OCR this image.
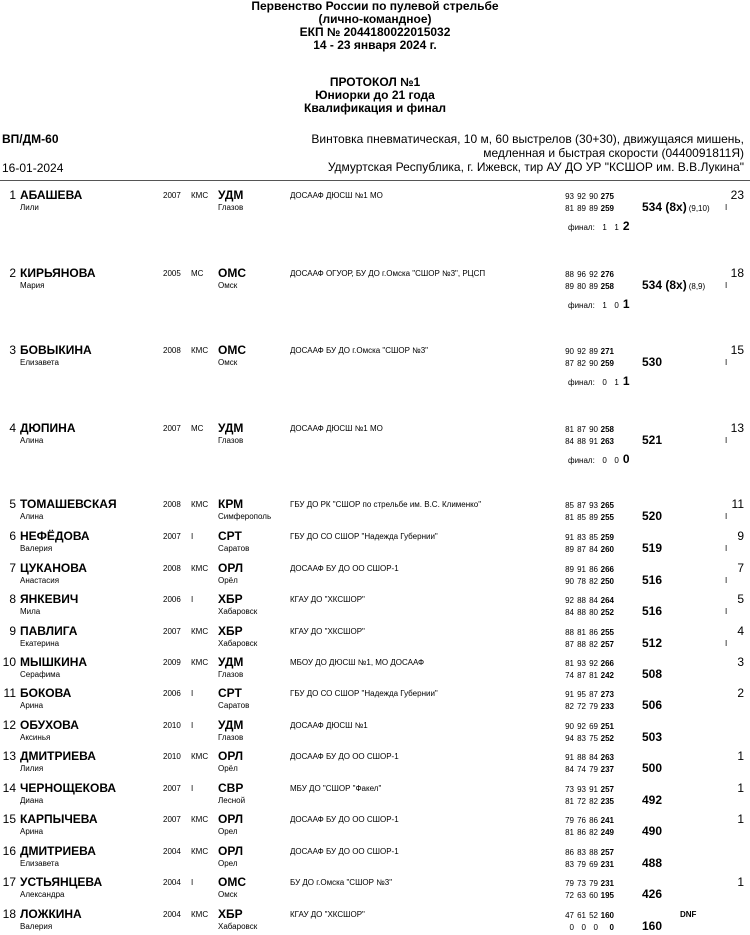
Первенство России по пулевой стрельбе
(лично-командное)
ЕКП № 2044180022015032
14 - 23 января 2024 г.
ПРОТОКОЛ №1
Юниорки до 21 года
Квалификация и финал
ВП/ДМ-60
16-01-2024
Винтовка пневматическая, 10 м, 60 выстрелов (30+30), движущаяся мишень,
медленная и быстрая скорости (0440091811Я)
Удмуртская Республика, г. Ижевск, тир АУ ДО УР "КСШОР им. В.В.Лукина"
1 АБАШЕВА
Лили
2007 КМС УДМ
Глазов
ДОСААФ ДЮСШ №1 МО	93 92 90 275
81 89 89 259 534 (8x) (9,10) I
финал: 1 1 2
23
2 КИРЬЯНОВА
Мария
2005 МС ОМС
Омск
ДОСААФ ОГУОР, БУ ДО г.Омска "СШОР №3", РЦСП	88 96 92 276
89 80 89 258 534 (8x) (8,9) I
финал: 1 0 1
18
3 БОВЫКИНА
Елизавета
2008 КМС ОМС
Омск
ДОСААФ БУ ДО г.Омска "СШОР №3"	90 92 89 271
87 82 90 259 530	I
финал: 0 1 1
15
4 ДЮПИНА
Алина
2007 МС УДМ
Глазов
ДОСААФ ДЮСШ №1 МО	81 87 90 258
84 88 91 263 521	I
финал: 0 0 0
13
5 ТОМАШЕВСКАЯ
Алина
2008 КМС КРМ
Симферополь
ГБУ ДО РК "СШОР по стрельбе им. В.С. Клименко"	85 87 93 265
81 85 89 255 520	I
11
6 НЕФЁДОВА
Валерия
2007 I СРТ
Саратов
ГБУ ДО СО СШОР "Надежда Губернии"	91 83 85 259
89 87 84 260 519	I
9
7 ЦУКАНОВА
Анастасия
2008 КМС ОРЛ
Орёл
ДОСААФ БУ ДО ОО СШОР-1	89 91 86 266
90 78 82 250 516	I
7
8 ЯНКЕВИЧ
Мила
2006 I ХБР
Хабаровск
КГАУ ДО "ХКСШОР"	92 88 84 264
84 88 80 252 516	I
5
9 ПАВЛИГА
Екатерина
2007 КМС ХБР
Хабаровск
КГАУ ДО "ХКСШОР"	88 81 86 255
87 88 82 257 512	I
4
10 МЫШКИНА
Серафима
2009 КМС УДМ
Глазов
МБОУ ДО ДЮСШ №1, МО ДОСААФ	81 93 92 266
74 87 81 242 508
3
11 БОКОВА
Арина
2006 I СРТ
Саратов
ГБУ ДО СО СШОР "Надежда Губернии"	91 95 87 273
82 72 79 233 506
2
12 ОБУХОВА
Аксинья
2010 I УДМ
Глазов
ДОСААФ ДЮСШ №1	90 92 69 251
94 83 75 252 503
13 ДМИТРИЕВА
Лилия
2010 КМС ОРЛ
Орёл
ДОСААФ БУ ДО ОО СШОР-1	91 88 84 263
84 74 79 237 500
1
14 ЧЕРНОЩЕКОВА
Диана
2007 I СВР
Лесной
МБУ ДО "СШОР "Факел"	73 93 91 257
81 72 82 235 492
1
15 КАРПЫЧЕВА
Арина
2007 КМС ОРЛ
Орел
ДОСААФ БУ ДО ОО СШОР-1	79 76 86 241
81 86 82 249 490
1
16 ДМИТРИЕВА
Елизавета
2004 КМС ОРЛ
Орел
ДОСААФ БУ ДО ОО СШОР-1	86 83 88 257
83 79 69 231 488
17 УСТЬЯНЦЕВА
Александра
2004 I ОМС
Омск
БУ ДО г.Омска "СШОР №3"	79 73 79 231
72 63 60 195 426
1
18 ЛОЖКИНА
Валерия
2004 КМС ХБР
Хабаровск
КГАУ ДО "ХКСШОР"	47 61 52 160
0 0 0 0 160
DNF
